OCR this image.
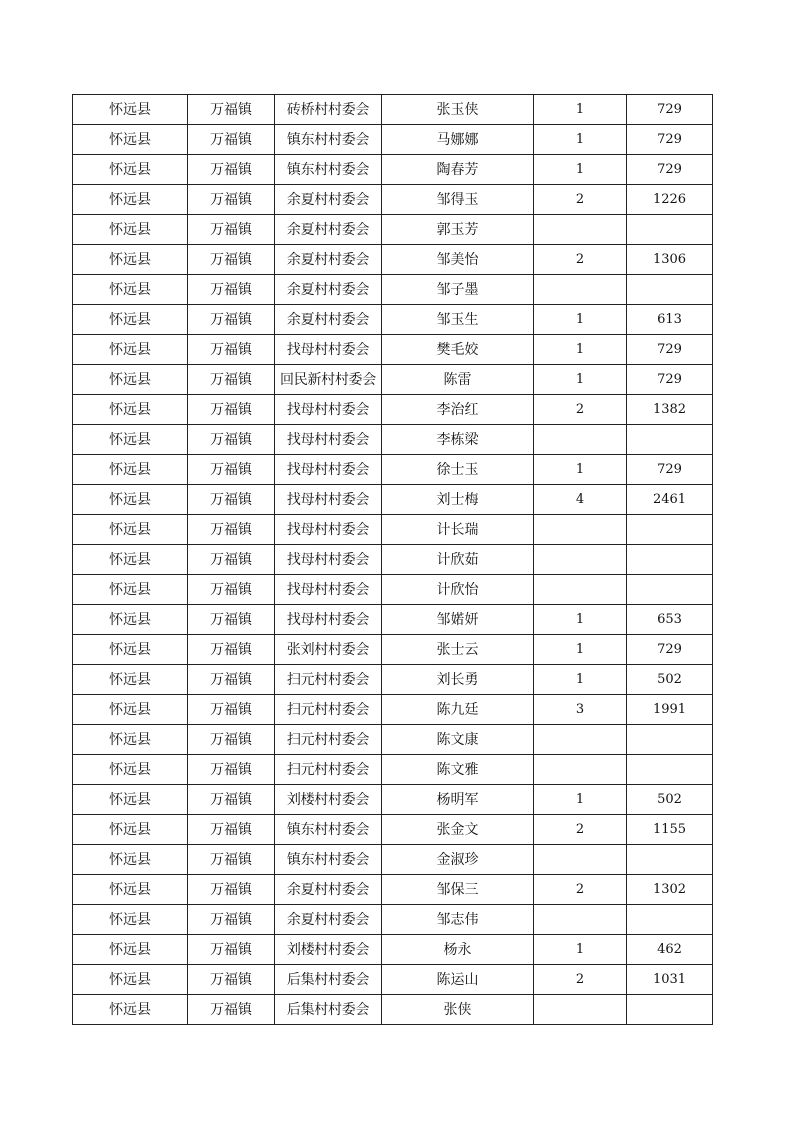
怀远县	万福镇	砖桥村村委会	张玉侠	1	729
怀远县	万福镇	镇东村村委会	马娜娜	1	729
怀远县	万福镇	镇东村村委会	陶春芳	1	729
怀远县	万福镇	余夏村村委会	邹得玉	2	1226
怀远县	万福镇	余夏村村委会	郭玉芳		
怀远县	万福镇	余夏村村委会	邹美怡	2	1306
怀远县	万福镇	余夏村村委会	邹子墨		
怀远县	万福镇	余夏村村委会	邹玉生	1	613
怀远县	万福镇	找母村村委会	樊毛姣	1	729
怀远县	万福镇	回民新村村委会	陈雷	1	729
怀远县	万福镇	找母村村委会	李治红	2	1382
怀远县	万福镇	找母村村委会	李栋梁		
怀远县	万福镇	找母村村委会	徐士玉	1	729
怀远县	万福镇	找母村村委会	刘士梅	4	2461
怀远县	万福镇	找母村村委会	计长瑞		
怀远县	万福镇	找母村村委会	计欣茹		
怀远县	万福镇	找母村村委会	计欣怡		
怀远县	万福镇	找母村村委会	邹婼妍	1	653
怀远县	万福镇	张刘村村委会	张士云	1	729
怀远县	万福镇	扫元村村委会	刘长勇	1	502
怀远县	万福镇	扫元村村委会	陈九廷	3	1991
怀远县	万福镇	扫元村村委会	陈文康		
怀远县	万福镇	扫元村村委会	陈文雅		
怀远县	万福镇	刘楼村村委会	杨明军	1	502
怀远县	万福镇	镇东村村委会	张金文	2	1155
怀远县	万福镇	镇东村村委会	金淑珍		
怀远县	万福镇	余夏村村委会	邹保三	2	1302
怀远县	万福镇	余夏村村委会	邹志伟		
怀远县	万福镇	刘楼村村委会	杨永	1	462
怀远县	万福镇	后集村村委会	陈运山	2	1031
怀远县	万福镇	后集村村委会	张侠		
